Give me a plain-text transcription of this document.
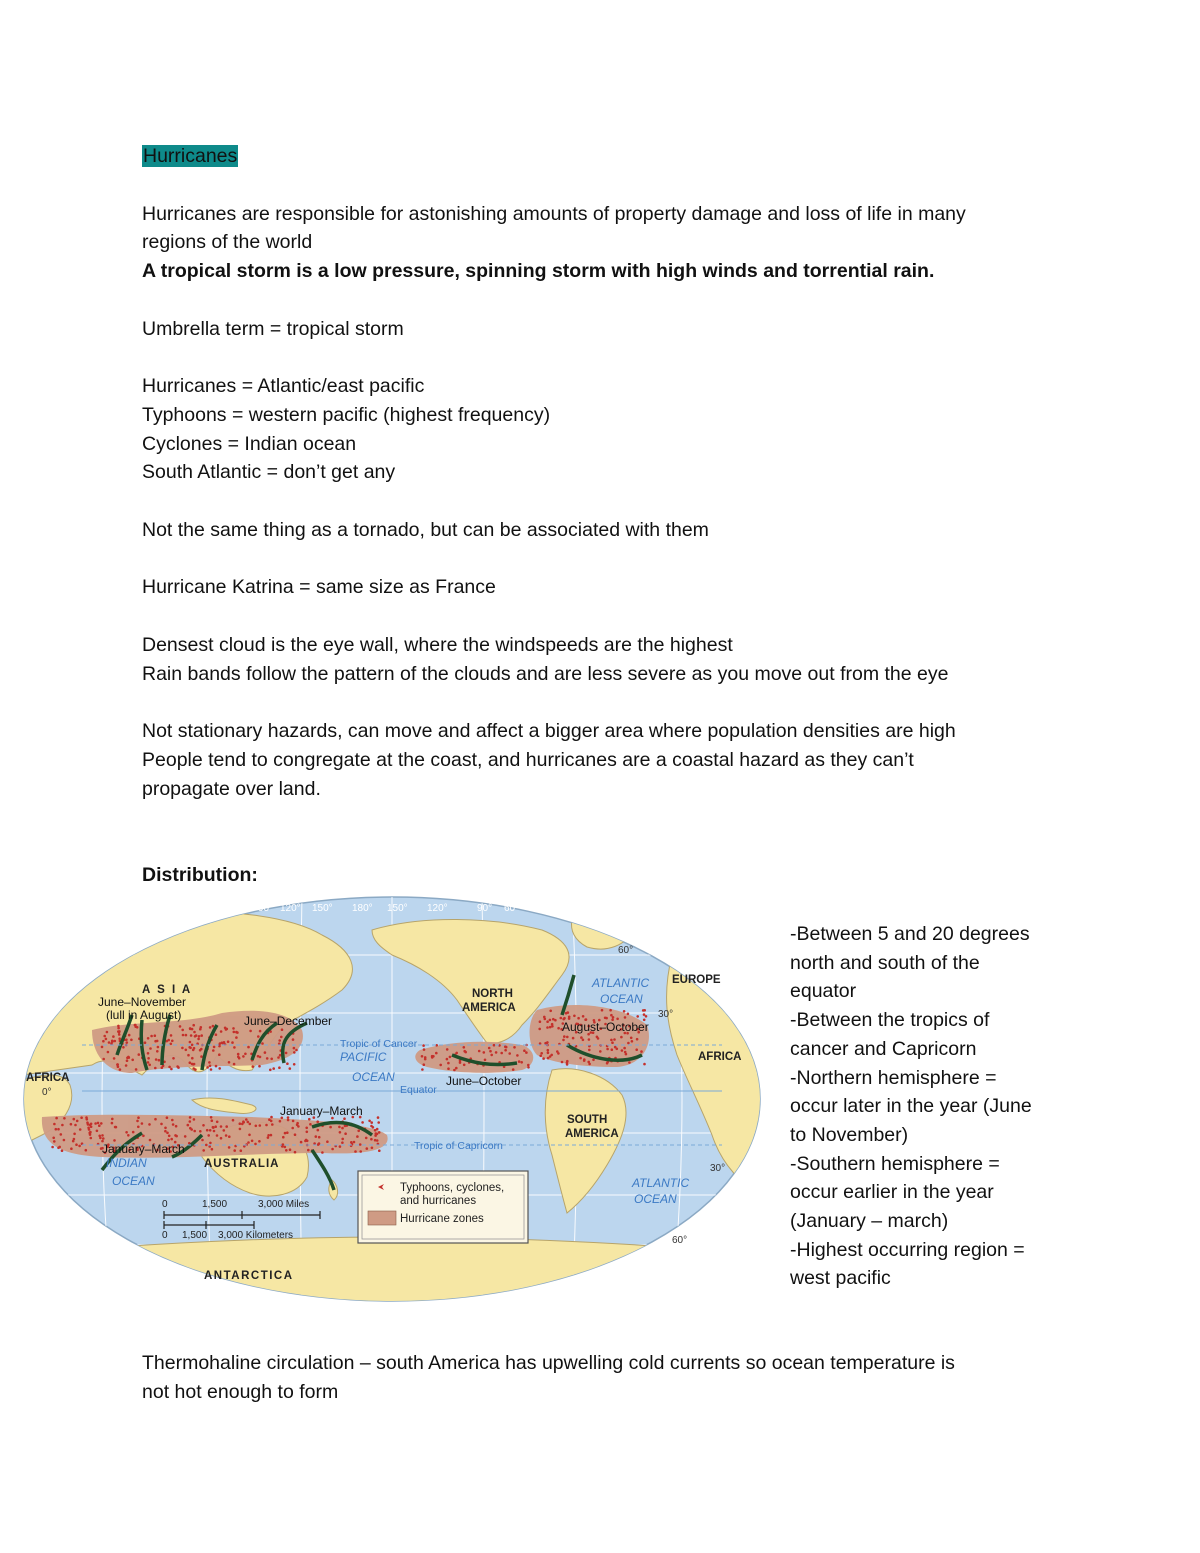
Hurricanes

Hurricanes are responsible for astonishing amounts of property damage and loss of life in many

regions of the world

A tropical storm is a low pressure, spinning storm with high winds and torrential rain.

Umbrella term = tropical storm

Hurricanes = Atlantic/east pacific

Typhoons = western pacific (highest frequency)

Cyclones = Indian ocean

South Atlantic = don’t get any

Not the same thing as a tornado, but can be associated with them

Hurricane Katrina = same size as France

Densest cloud is the eye wall, where the windspeeds are the highest

Rain bands follow the pattern of the clouds and are less severe as you move out from the eye

Not stationary hazards, can move and affect a bigger area where population densities are high

People tend to congregate at the coast, and hurricanes are a coastal hazard as they can’t

propagate over land.

Distribution:

60°	90° 120° 150° 180° 150° 120°	90° 60° 30°	0°
60°
30°
0°
30°
60°
A S I A
AFRICA
EUROPE
NORTH
AMERICA
SOUTH
AMERICA
AFRICA
AUSTRALIA
ANTARCTICA
PACIFIC
OCEAN
ATLANTIC
OCEAN
ATLANTIC
OCEAN
INDIAN
OCEAN
Tropic of Cancer
Equator
Tropic of Capricorn
June–November
(lull in August)	June–December
June–October
August–October
January–March
January–March
0	1,500	3,000 Miles
0 1,500 3,000 Kilometers
Typhoons, cyclones,
and hurricanes
Hurricane zones
-Between 5 and 20 degrees
north and south of the
equator
-Between the tropics of
cancer and Capricorn
-Northern hemisphere =
occur later in the year (June
to November)
-Southern hemisphere =
occur earlier in the year
(January – march)
-Highest occurring region =
west pacific

Thermohaline circulation – south America has upwelling cold currents so ocean temperature is

not hot enough to form
